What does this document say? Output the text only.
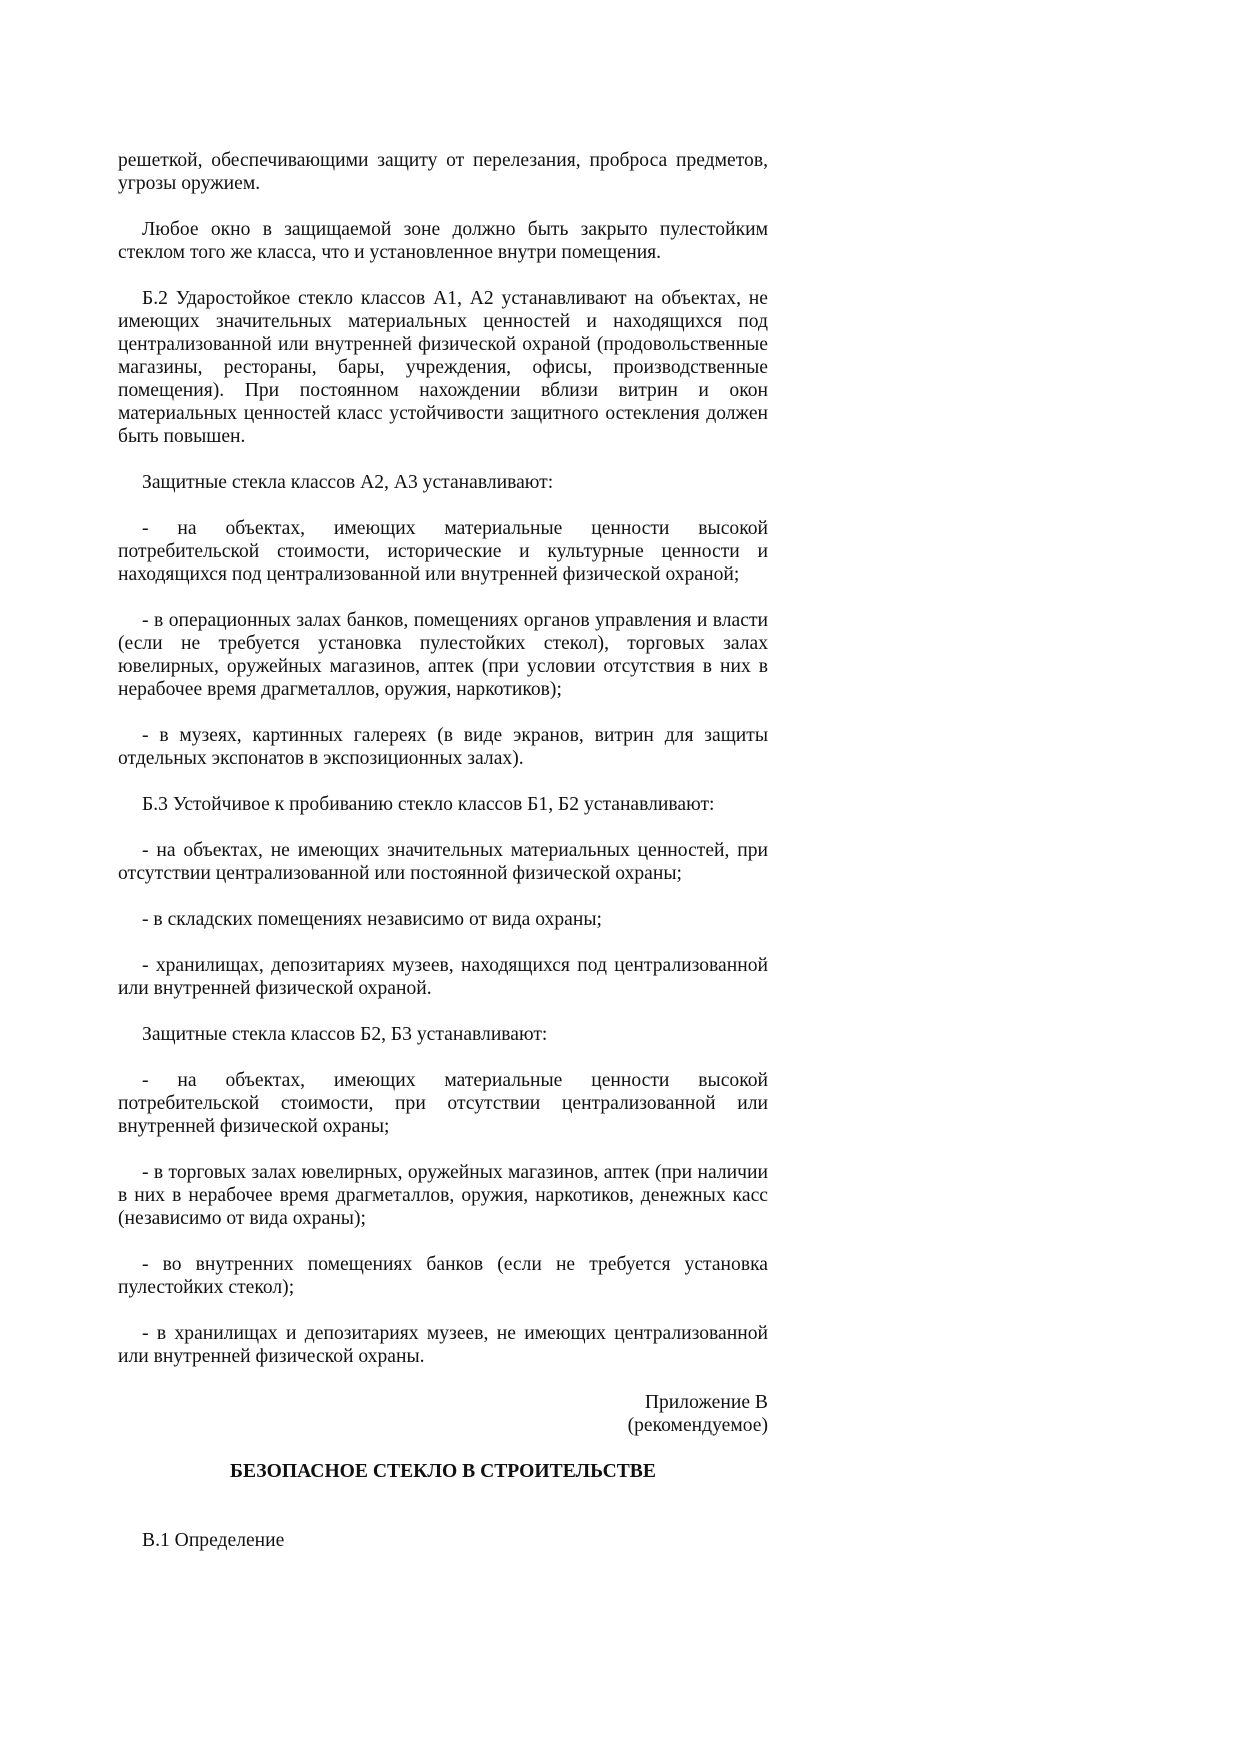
решеткой, обеспечивающими защиту от перелезания, проброса предметов, угрозы оружием.

Любое окно в защищаемой зоне должно быть закрыто пулестойким стеклом того же класса, что и установленное внутри помещения.

Б.2 Ударостойкое стекло классов А1, А2 устанавливают на объектах, не имеющих значительных материальных ценностей и находящихся под централизованной или внутренней физической охраной (продовольственные магазины, рестораны, бары, учреждения, офисы, производственные помещения). При постоянном нахождении вблизи витрин и окон материальных ценностей класс устойчивости защитного остекления должен быть повышен.

Защитные стекла классов А2, А3 устанавливают:

- на объектах, имеющих материальные ценности высокой потребительской стоимости, исторические и культурные ценности и находящихся под централизованной или внутренней физической охраной;

- в операционных залах банков, помещениях органов управления и власти (если не требуется установка пулестойких стекол), торговых залах ювелирных, оружейных магазинов, аптек (при условии отсутствия в них в нерабочее время драгметаллов, оружия, наркотиков);

- в музеях, картинных галереях (в виде экранов, витрин для защиты отдельных экспонатов в экспозиционных залах).

Б.3 Устойчивое к пробиванию стекло классов Б1, Б2 устанавливают:

- на объектах, не имеющих значительных материальных ценностей, при отсутствии централизованной или постоянной физической охраны;

- в складских помещениях независимо от вида охраны;

- хранилищах, депозитариях музеев, находящихся под централизованной или внутренней физической охраной.

Защитные стекла классов Б2, Б3 устанавливают:

- на объектах, имеющих материальные ценности высокой потребительской стоимости, при отсутствии централизованной или внутренней физической охраны;

- в торговых залах ювелирных, оружейных магазинов, аптек (при наличии в них в нерабочее время драгметаллов, оружия, наркотиков, денежных касс (независимо от вида охраны);

- во внутренних помещениях банков (если не требуется установка пулестойких стекол);

- в хранилищах и депозитариях музеев, не имеющих централизованной или внутренней физической охраны.

Приложение В
(рекомендуемое)

БЕЗОПАСНОЕ СТЕКЛО В СТРОИТЕЛЬСТВЕ

В.1 Определение
